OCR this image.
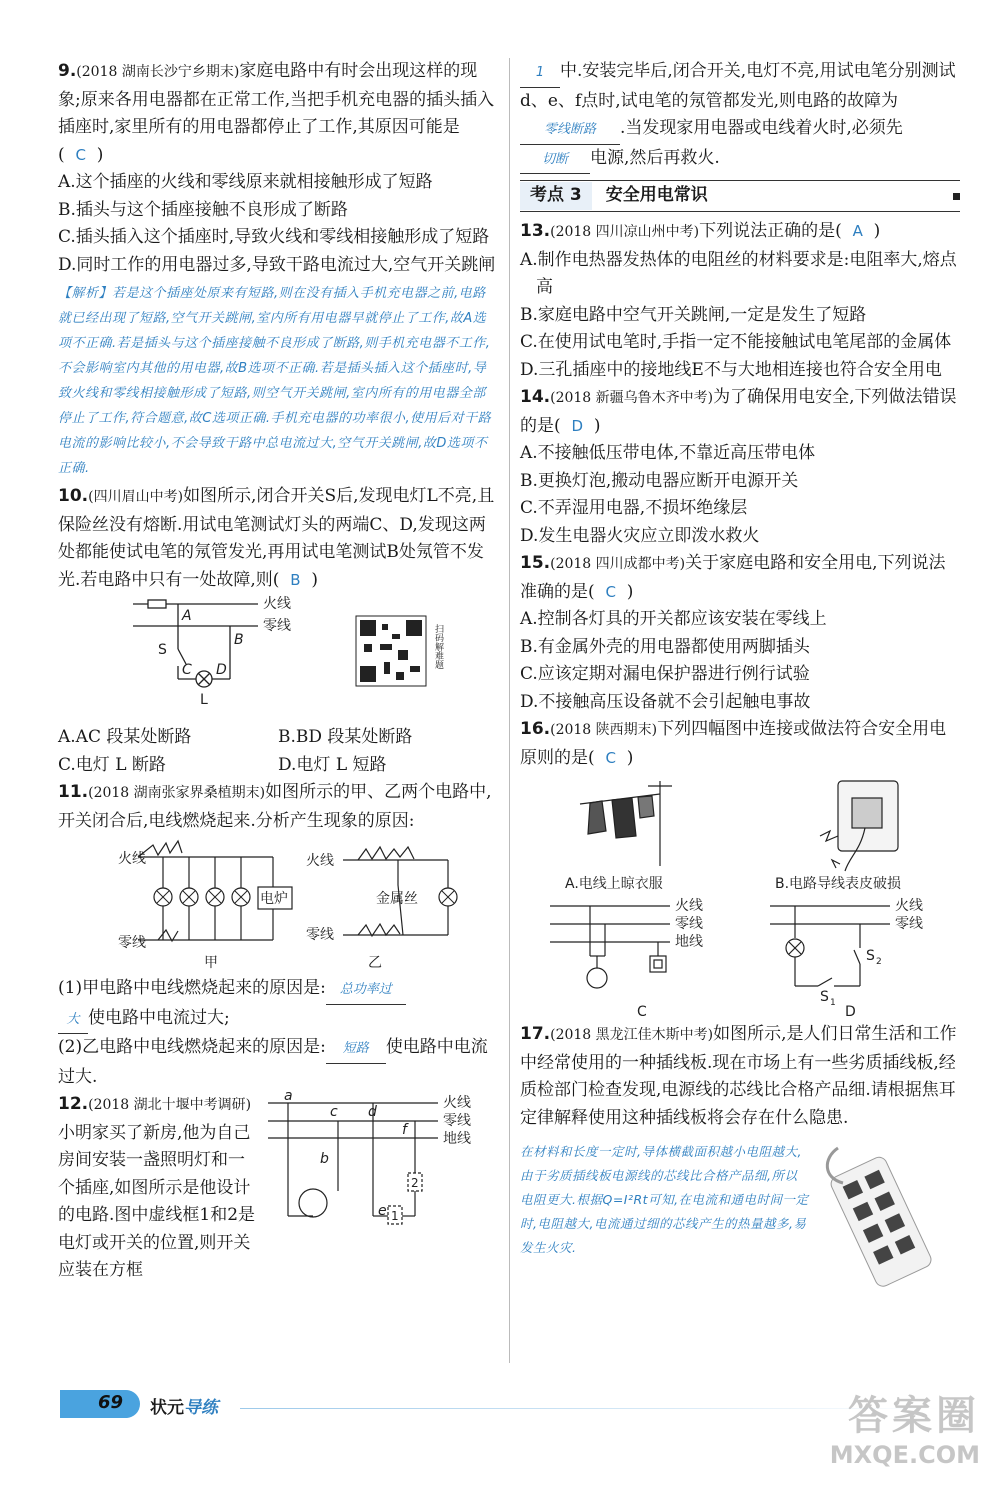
9.(2018 湖南长沙宁乡期末)家庭电路中有时会出现这样的现象;原来各用电器都在正常工作,当把手机充电器的插头插入插座时,家里所有的用电器都停止了工作,其原因可能是( C )
A.这个插座的火线和零线原来就相接触形成了短路
B.插头与这个插座接触不良形成了断路
C.插头插入这个插座时,导致火线和零线相接触形成了短路
D.同时工作的用电器过多,导致干路电流过大,空气开关跳闸
【解析】若是这个插座处原来有短路,则在没有插入手机充电器之前,电路就已经出现了短路,空气开关跳闸,室内所有用电器早就停止了工作,故A选项不正确.若是插头与这个插座接触不良形成了断路,则手机充电器不工作,不会影响室内其他的用电器,故B选项不正确.若是插头插入这个插座时,导致火线和零线相接触形成了短路,则空气开关跳闸,室内所有的用电器全部停止了工作,符合题意,故C选项正确.手机充电器的功率很小,使用后对干路电流的影响比较小,不会导致干路中总电流过大,空气开关跳闸,故D选项不正确.
10.(四川眉山中考)如图所示,闭合开关S后,发现电灯L不亮,且保险丝没有熔断.用试电笔测试灯头的两端C、D,发现这两处都能使试电笔的氖管发光,再用试电笔测试B处氖管不发光.若电路中只有一处故障,则( B )
火线
零线
A
B
C D
S
L
扫码解难题
A.AC 段某处断路	B.BD 段某处断路
C.电灯 L 断路	D.电灯 L 短路
11.(2018 湖南张家界桑植期末)如图所示的甲、乙两个电路中,开关闭合后,电线燃烧起来.分析产生现象的原因:
火线
零线
电炉
火线
零线
金属丝
甲	乙
(1)甲电路中电线燃烧起来的原因是: 总功率过
大 使电路中电流过大;
(2)乙电路中电线燃烧起来的原因是: 短路 使电路中电流过大.
火线
零线
地线
a
c d
b
f
e 1
2
12.(2018 湖北十堰中考调研)小明家买了新房,他为自己房间安装一盏照明灯和一个插座,如图所示是他设计的电路.图中虚线框1和2是电灯或开关的位置,则开关应装在方框
1 中.安装完毕后,闭合开关,电灯不亮,用试电笔分别测试d、e、f点时,试电笔的氖管都发光,则电路的故障为零线断路 .当发现家用电器或电线着火时,必须先切断 电源,然后再救火.
考点 3	安全用电常识
13.(2018 四川凉山州中考)下列说法正确的是( A )
A.制作电热器发热体的电阻丝的材料要求是:电阻率大,熔点高
B.家庭电路中空气开关跳闸,一定是发生了短路
C.在使用试电笔时,手指一定不能接触试电笔尾部的金属体
D.三孔插座中的接地线E不与大地相连接也符合安全用电
14.(2018 新疆乌鲁木齐中考)为了确保用电安全,下列做法错误的是( D )
A.不接触低压带电体,不靠近高压带电体
B.更换灯泡,搬动电器应断开电源开关
C.不弄湿用电器,不损坏绝缘层
D.发生电器火灾应立即泼水救火
15.(2018 四川成都中考)关于家庭电路和安全用电,下列说法准确的是( C )
A.控制各灯具的开关都应该安装在零线上
B.有金属外壳的用电器都使用两脚插头
C.应该定期对漏电保护器进行例行试验
D.不接触高压设备就不会引起触电事故
16.(2018 陕西期末)下列四幅图中连接或做法符合安全用电原则的是( C )
A.电线上晾衣服	B.电路导线表皮破损
火线
零线
地线
C
火线
零线
S 1
S 2
D
17.(2018 黑龙江佳木斯中考)如图所示,是人们日常生活和工作中经常使用的一种插线板.现在市场上有一些劣质插线板,经质检部门检查发现,电源线的芯线比合格产品细.请根据焦耳定律解释使用这种插线板将会存在什么隐患.
在材料和长度一定时,导体横截面积越小电阻越大,由于劣质插线板电源线的芯线比合格产品细,所以电阻更大.根据Q=I²Rt可知,在电流和通电时间一定时,电阻越大,电流通过细的芯线产生的热量越多,易发生火灾.
69 状元导练	答案圈
MXQE.COM
